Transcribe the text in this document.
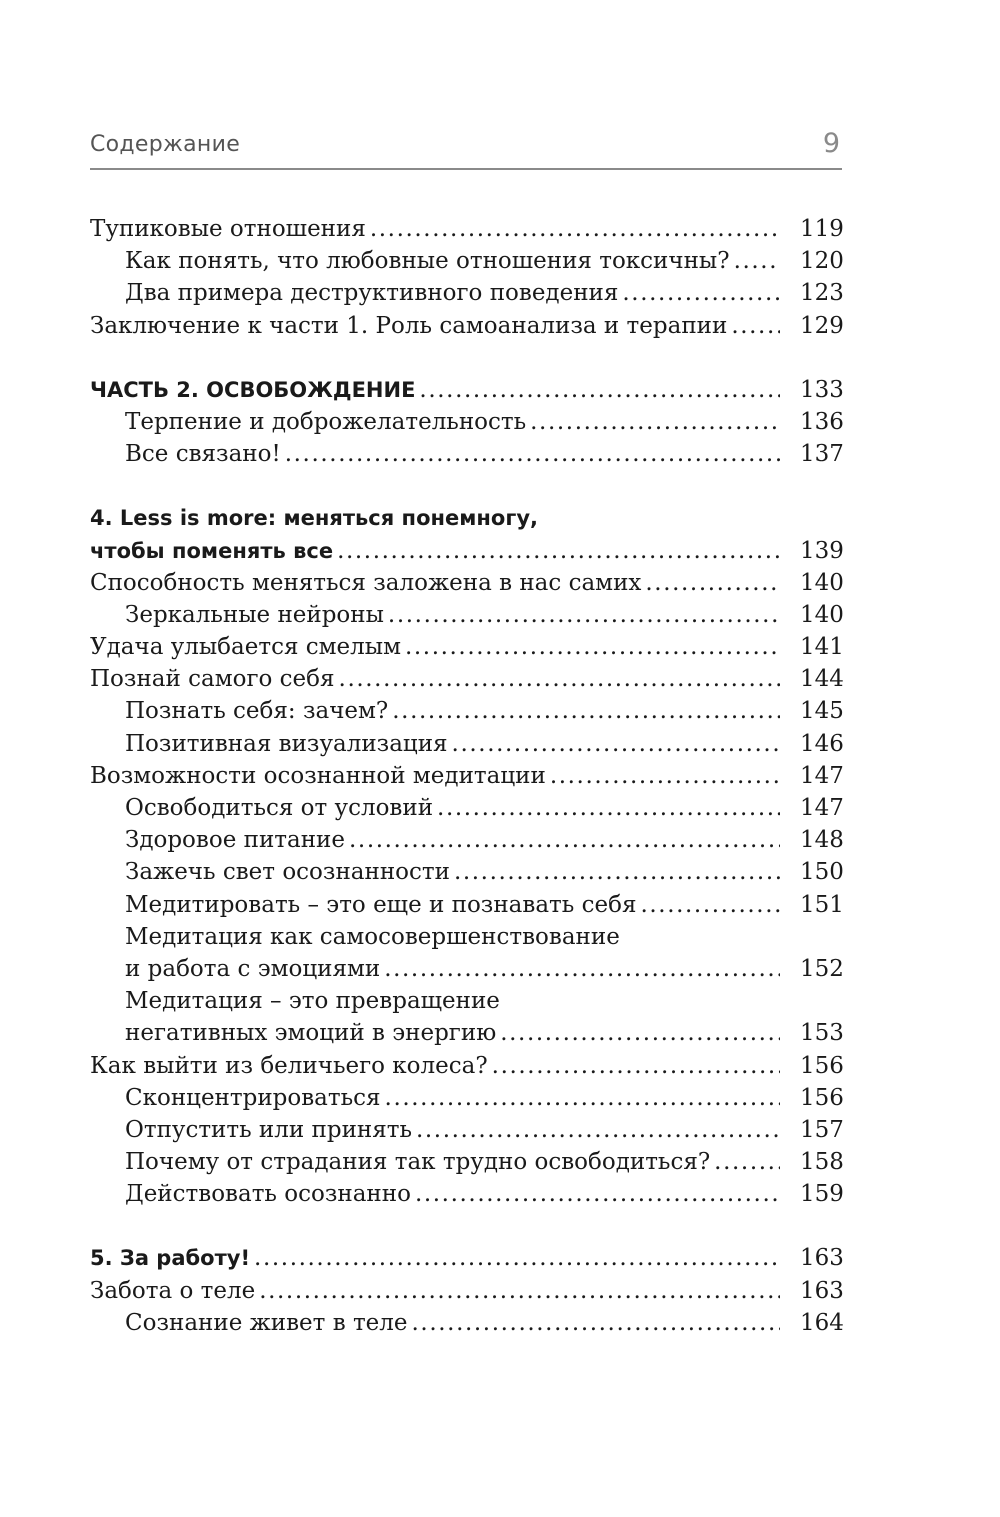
Содержание	9
Тупиковые отношения .....	119
Как понять, что любовные отношения токсичны? .....	120
Два примера деструктивного поведения .....	123
Заключение к части 1. Роль самоанализа и терапии .....	129
ЧАСТЬ 2. ОСВОБОЖДЕНИЕ .....	133
Терпение и доброжелательность .....	136
Все связано! .....	137
4. Less is more: меняться понемногу,
чтобы поменять все .....	139
Способность меняться заложена в нас самих .....	140
Зеркальные нейроны .....	140
Удача улыбается смелым .....	141
Познай самого себя .....	144
Познать себя: зачем? .....	145
Позитивная визуализация .....	146
Возможности осознанной медитации .....	147
Освободиться от условий .....	147
Здоровое питание .....	148
Зажечь свет осознанности .....	150
Медитировать – это еще и познавать себя .....	151
Медитация как самосовершенствование
и работа с эмоциями .....	152
Медитация – это превращение
негативных эмоций в энергию .....	153
Как выйти из беличьего колеса? .....	156
Сконцентрироваться .....	156
Отпустить или принять .....	157
Почему от страдания так трудно освободиться? .....	158
Действовать осознанно .....	159
5. За работу! .....	163
Забота о теле .....	163
Сознание живет в теле .....	164
